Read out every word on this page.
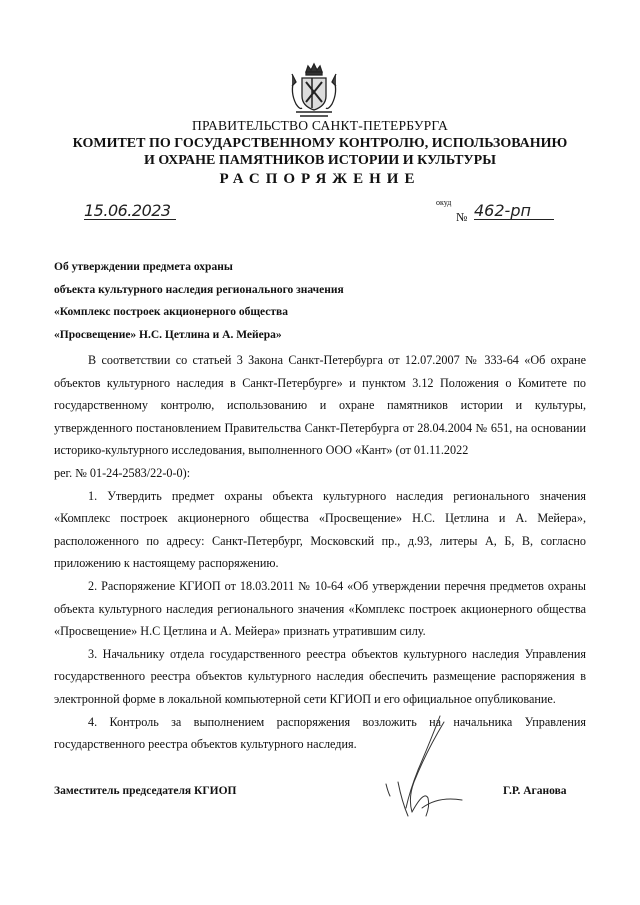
ПРАВИТЕЛЬСТВО САНКТ-ПЕТЕРБУРГА
КОМИТЕТ ПО ГОСУДАРСТВЕННОМУ КОНТРОЛЮ, ИСПОЛЬЗОВАНИЮ
И ОХРАНЕ ПАМЯТНИКОВ ИСТОРИИ И КУЛЬТУРЫ
РАСПОРЯЖЕНИЕ
15.06.2023	окуд
№ 462-рп
Об утверждении предмета охраны
объекта культурного наследия регионального значения
«Комплекс построек акционерного общества
«Просвещение» Н.С. Цетлина и А. Мейера»

В соответствии со статьей 3 Закона Санкт-Петербурга от 12.07.2007 № 333-64 «Об охране объектов культурного наследия в Санкт-Петербурге» и пунктом 3.12 Положения о Комитете по государственному контролю, использованию и охране памятников истории и культуры, утвержденного постановлением Правительства Санкт-Петербурга от 28.04.2004 № 651, на основании историко-культурного исследования, выполненного ООО «Кант» (от 01.11.2022

рег. № 01-24-2583/22-0-0):

1. Утвердить предмет охраны объекта культурного наследия регионального значения «Комплекс построек акционерного общества «Просвещение» Н.С. Цетлина и А. Мейера», расположенного по адресу: Санкт-Петербург, Московский пр., д.93, литеры А, Б, В, согласно приложению к настоящему распоряжению.

2. Распоряжение КГИОП от 18.03.2011 № 10-64 «Об утверждении перечня предметов охраны объекта культурного наследия регионального значения «Комплекс построек акционерного общества «Просвещение» Н.С Цетлина и А. Мейера» признать утратившим силу.

3. Начальнику отдела государственного реестра объектов культурного наследия Управления государственного реестра объектов культурного наследия обеспечить размещение распоряжения в электронной форме в локальной компьютерной сети КГИОП и его официальное опубликование.

4. Контроль за выполнением распоряжения возложить на начальника Управления государственного реестра объектов культурного наследия.

Заместитель председателя КГИОП	Г.Р. Аганова
